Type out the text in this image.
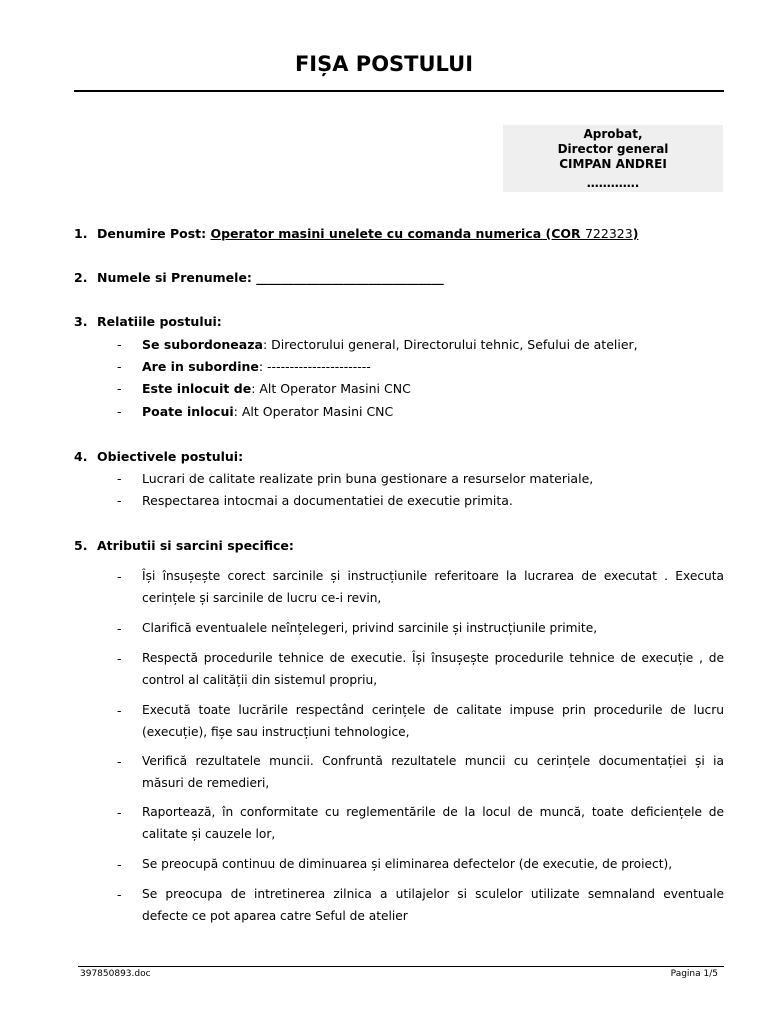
FIȘA POSTULUI
Aprobat,
Director general
CIMPAN ANDREI
………….
1. Denumire Post: Operator masini unelete cu comanda numerica (COR 722323)
2. Numele si Prenumele: ______________________________
3. Relatiile postului:
- Se subordoneaza: Directorului general, Directorului tehnic, Sefului de atelier,
- Are in subordine: -----------------------
- Este inlocuit de: Alt Operator Masini CNC
- Poate inlocui: Alt Operator Masini CNC
4. Obiectivele postului:
- Lucrari de calitate realizate prin buna gestionare a resurselor materiale,
- Respectarea intocmai a documentatiei de executie primita.
5. Atributii si sarcini specifice:
- Își însușește corect sarcinile și instrucțiunile referitoare la lucrarea de executat . Executa cerințele și sarcinile de lucru ce-i revin,
- Clarifică eventualele neînțelegeri, privind sarcinile și instrucțiunile primite,
- Respectă procedurile tehnice de executie. Își însușește procedurile tehnice de execuție , de control al calității din sistemul propriu,
- Execută toate lucrările respectând cerințele de calitate impuse prin procedurile de lucru (execuție), fișe sau instrucțiuni tehnologice,
- Verifică rezultatele muncii. Confruntă rezultatele muncii cu cerințele documentației și ia măsuri de remedieri,
- Raportează, în conformitate cu reglementările de la locul de muncă, toate deficiențele de calitate și cauzele lor,
- Se preocupă continuu de diminuarea și eliminarea defectelor (de executie, de proiect),
- Se preocupa de intretinerea zilnica a utilajelor si sculelor utilizate semnaland eventuale defecte ce pot aparea catre Seful de atelier
397850893.doc	Pagina 1/5
